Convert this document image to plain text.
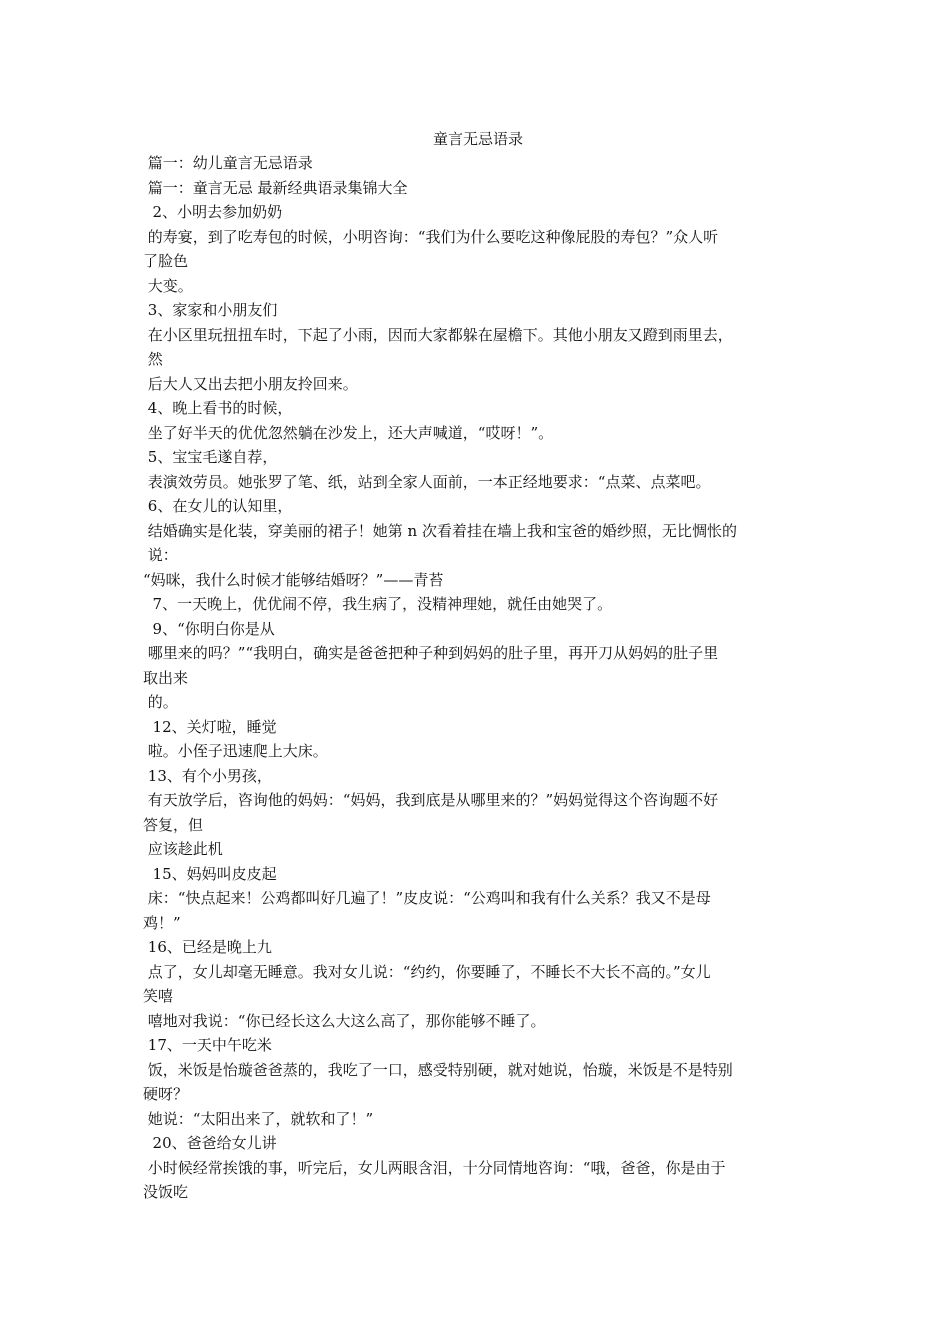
童言无忌语录
篇一：幼儿童言无忌语录
篇一：童言无忌 最新经典语录集锦大全
2、小明去参加奶奶
的寿宴，到了吃寿包的时候，小明咨询：“我们为什么要吃这种像屁股的寿包？”众人听
了脸色
大变。
3、家家和小朋友们
在小区里玩扭扭车时，下起了小雨，因而大家都躲在屋檐下。其他小朋友又蹬到雨里去，
然
后大人又出去把小朋友拎回来。
4、晚上看书的时候，
坐了好半天的优优忽然躺在沙发上，还大声喊道，“哎呀！”。
5、宝宝毛遂自荐，
表演效劳员。她张罗了笔、纸，站到全家人面前，一本正经地要求：“点菜、点菜吧。
6、在女儿的认知里，
结婚确实是化装，穿美丽的裙子！她第 n 次看着挂在墙上我和宝爸的婚纱照，无比惆怅的
说：
“妈咪，我什么时候才能够结婚呀？”——青苔
7、一天晚上，优优闹不停，我生病了，没精神理她，就任由她哭了。
9、“你明白你是从
哪里来的吗？”“我明白，确实是爸爸把种子种到妈妈的肚子里，再开刀从妈妈的肚子里
取出来
的。
12、关灯啦，睡觉
啦。小侄子迅速爬上大床。
13、有个小男孩，
有天放学后，咨询他的妈妈：“妈妈，我到底是从哪里来的？”妈妈觉得这个咨询题不好
答复，但
应该趁此机
15、妈妈叫皮皮起
床：“快点起来！公鸡都叫好几遍了！”皮皮说：“公鸡叫和我有什么关系？我又不是母
鸡！”
16、已经是晚上九
点了，女儿却毫无睡意。我对女儿说：“约约，你要睡了，不睡长不大长不高的。”女儿
笑嘻
嘻地对我说：“你已经长这么大这么高了，那你能够不睡了。
17、一天中午吃米
饭，米饭是怡璇爸爸蒸的，我吃了一口，感受特别硬，就对她说，怡璇，米饭是不是特别
硬呀？
她说：“太阳出来了，就软和了！”
20、爸爸给女儿讲
小时候经常挨饿的事，听完后，女儿两眼含泪，十分同情地咨询：“哦，爸爸，你是由于
没饭吃
